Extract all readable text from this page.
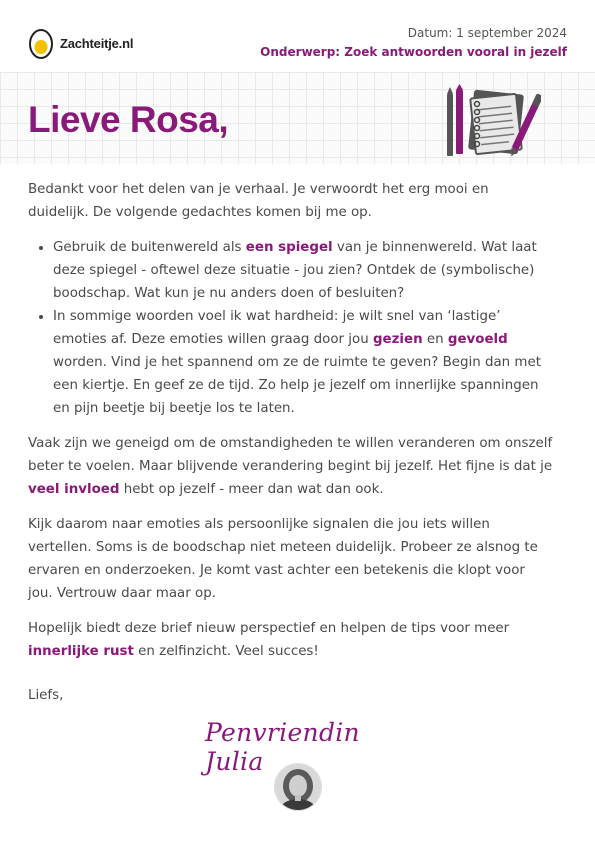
Zachteitje.nl
Datum: 1 september 2024
Onderwerp: Zoek antwoorden vooral in jezelf
Lieve Rosa,

Bedankt voor het delen van je verhaal. Je verwoordt het erg mooi en duidelijk. De volgende gedachtes komen bij me op.

• Gebruik de buitenwereld als een spiegel van je binnenwereld. Wat laat deze spiegel - oftewel deze situatie - jou zien? Ontdek de (symbolische) boodschap. Wat kun je nu anders doen of besluiten?
• In sommige woorden voel ik wat hardheid: je wilt snel van ‘lastige’ emoties af. Deze emoties willen graag door jou gezien en gevoeld worden. Vind je het spannend om ze de ruimte te geven? Begin dan met een kiertje. En geef ze de tijd. Zo help je jezelf om innerlijke spanningen en pijn beetje bij beetje los te laten.

Vaak zijn we geneigd om de omstandigheden te willen veranderen om onszelf beter te voelen. Maar blijvende verandering begint bij jezelf. Het fijne is dat je veel invloed hebt op jezelf - meer dan wat dan ook.

Kijk daarom naar emoties als persoonlijke signalen die jou iets willen vertellen. Soms is de boodschap niet meteen duidelijk. Probeer ze alsnog te ervaren en onderzoeken. Je komt vast achter een betekenis die klopt voor jou. Vertrouw daar maar op.

Hopelijk biedt deze brief nieuw perspectief en helpen de tips voor meer innerlijke rust en zelfinzicht. Veel succes!

Liefs,
Penvriendin Julia
